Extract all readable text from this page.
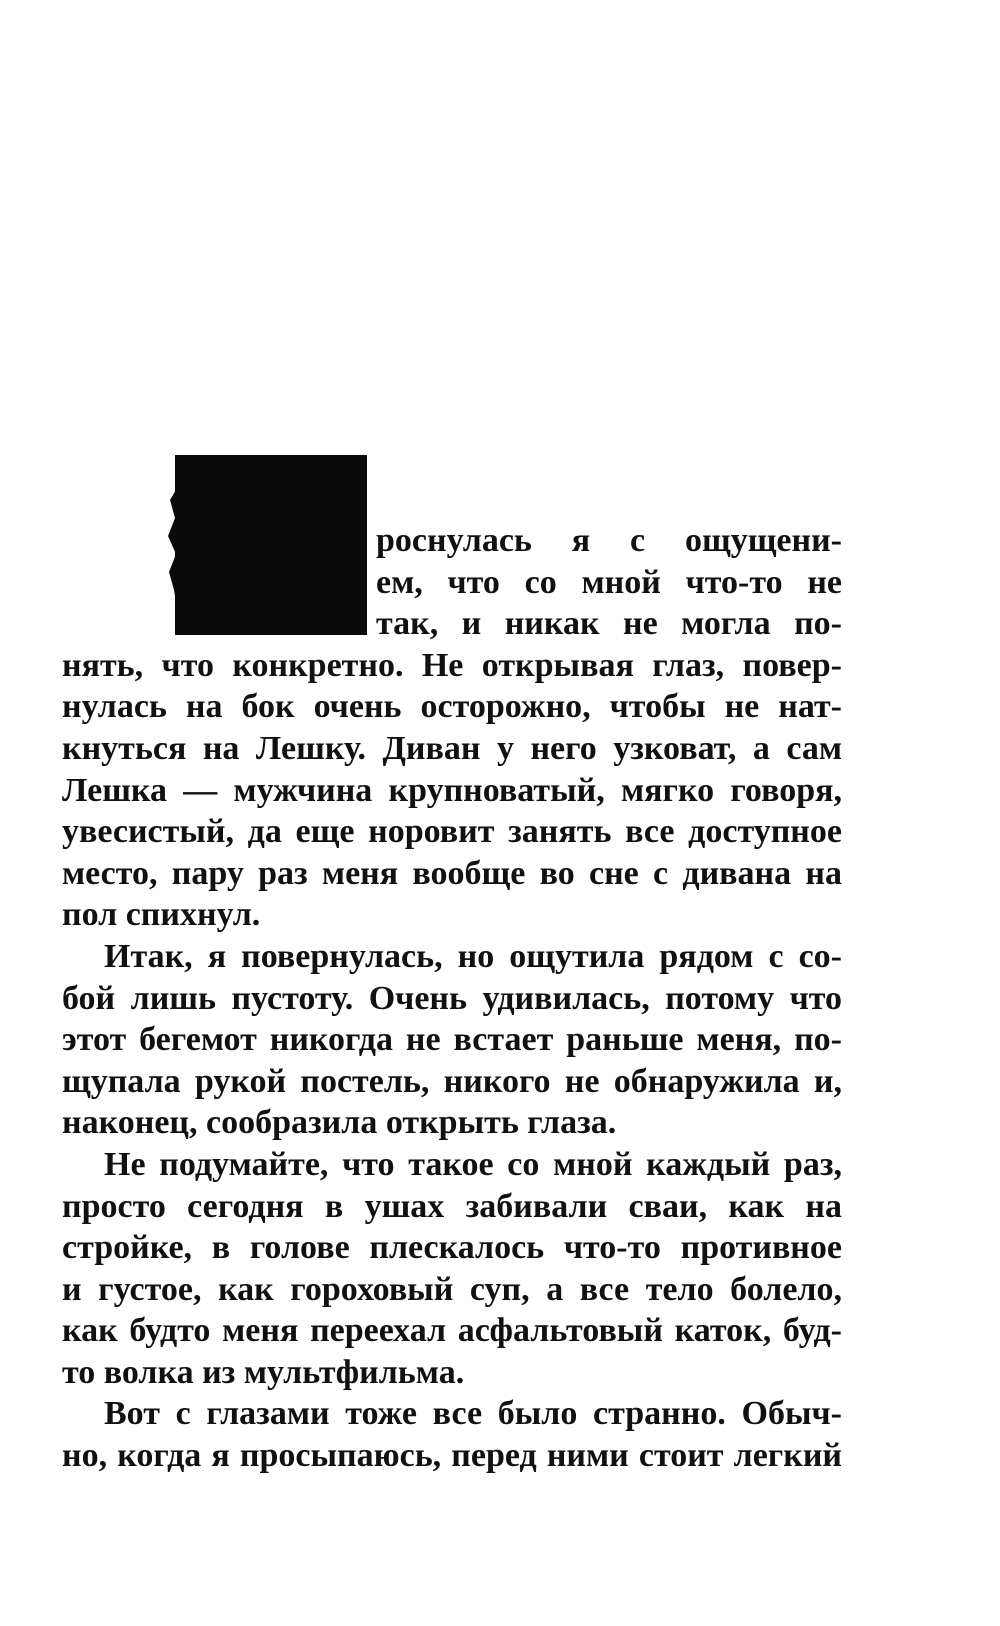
роснулась я с ощущени-
ем, что со мной что-то не
так, и никак не могла по-
нять, что конкретно. Не открывая глаз, повер-
нулась на бок очень осторожно, чтобы не нат-
кнуться на Лешку. Диван у него узковат, а сам
Лешка — мужчина крупноватый, мягко говоря,
увесистый, да еще норовит занять все доступное
место, пару раз меня вообще во сне с дивана на
пол спихнул.
Итак, я повернулась, но ощутила рядом с со-
бой лишь пустоту. Очень удивилась, потому что
этот бегемот никогда не встает раньше меня, по-
щупала рукой постель, никого не обнаружила и,
наконец, сообразила открыть глаза.
Не подумайте, что такое со мной каждый раз,
просто сегодня в ушах забивали сваи, как на
стройке, в голове плескалось что-то противное
и густое, как гороховый суп, а все тело болело,
как будто меня переехал асфальтовый каток, буд-
то волка из мультфильма.
Вот с глазами тоже все было странно. Обыч-
но, когда я просыпаюсь, перед ними стоит легкий
